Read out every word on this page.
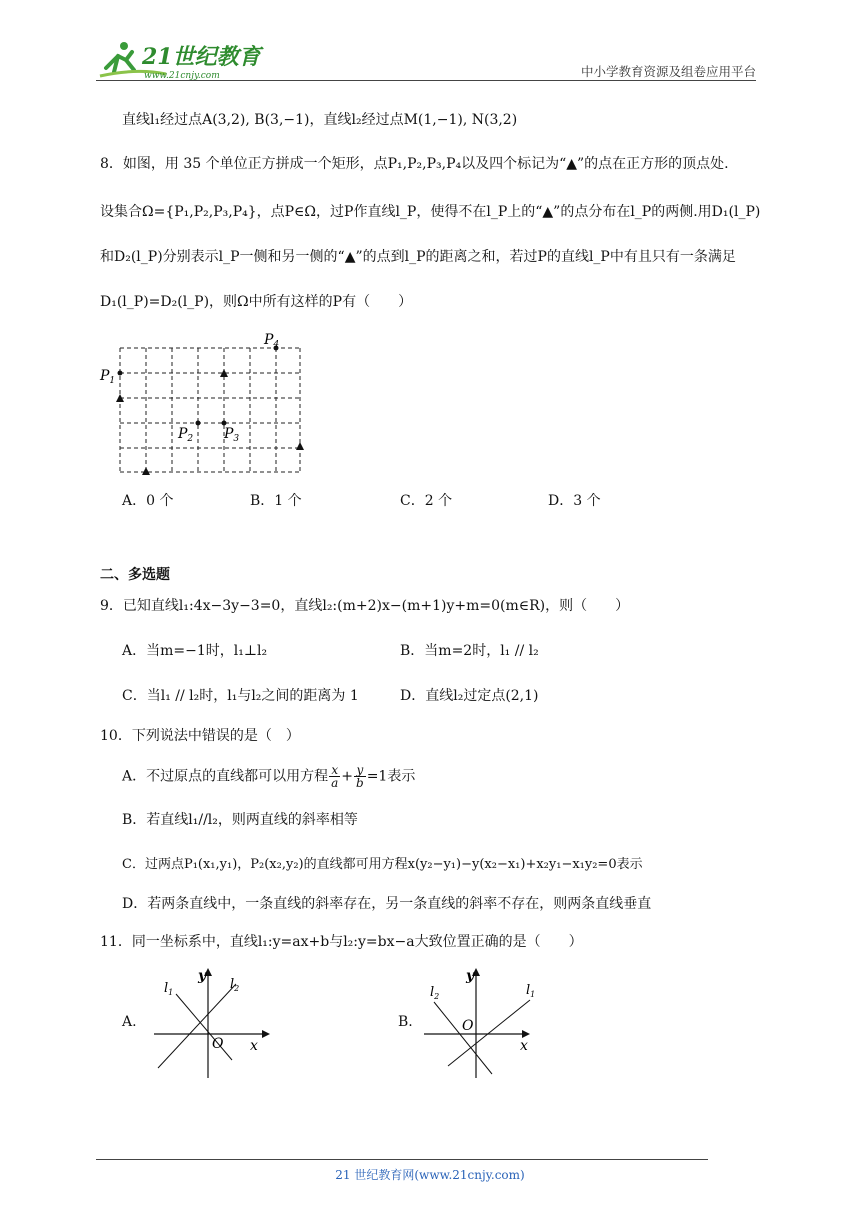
21世纪教育
www.21cnjy.com	中小学教育资源及组卷应用平台
直线l₁经过点A(3,2), B(3,−1)，直线l₂经过点M(1,−1), N(3,2)
8．如图，用 35 个单位正方拼成一个矩形，点P₁,P₂,P₃,P₄以及四个标记为“▲”的点在正方形的顶点处.
设集合Ω={P₁,P₂,P₃,P₄}，点P∈Ω，过P作直线l_P，使得不在l_P上的“▲”的点分布在l_P的两侧.用D₁(l_P)
和D₂(l_P)分别表示l_P一侧和另一侧的“▲”的点到l_P的距离之和，若过P的直线l_P中有且只有一条满足
D₁(l_P)=D₂(l_P)，则Ω中所有这样的P有（　　）
$P_1$
$P_2$ $P_3$
$P_4$
A．0 个	B．1 个	C．2 个	D．3 个
二、多选题
9．已知直线l₁:4x−3y−3=0，直线l₂:(m+2)x−(m+1)y+m=0(m∈R)，则（　　）
A．当m=−1时，l₁⊥l₂	B．当m=2时，l₁ // l₂
C．当l₁ // l₂时，l₁与l₂之间的距离为 1	D．直线l₂过定点(2,1)
10．下列说法中错误的是（　）
A．不过原点的直线都可以用方程 $\frac{x}{a} + \frac{y}{b} =1$表示
B．若直线l₁//l₂，则两直线的斜率相等
C．过两点P₁(x₁,y₁)，P₂(x₂,y₂)的直线都可用方程x(y₂−y₁)−y(x₂−x₁)+x₂y₁−x₁y₂=0表示
D．若两条直线中，一条直线的斜率存在，另一条直线的斜率不存在，则两条直线垂直
11．同一坐标系中，直线l₁:y=ax+b与l₂:y=bx−a大致位置正确的是（　　）
A.
y
x
O
$l_1$
$l_2$
B.
y
x
O
$l_2$	$l_1$
21 世纪教育网(www.21cnjy.com)
